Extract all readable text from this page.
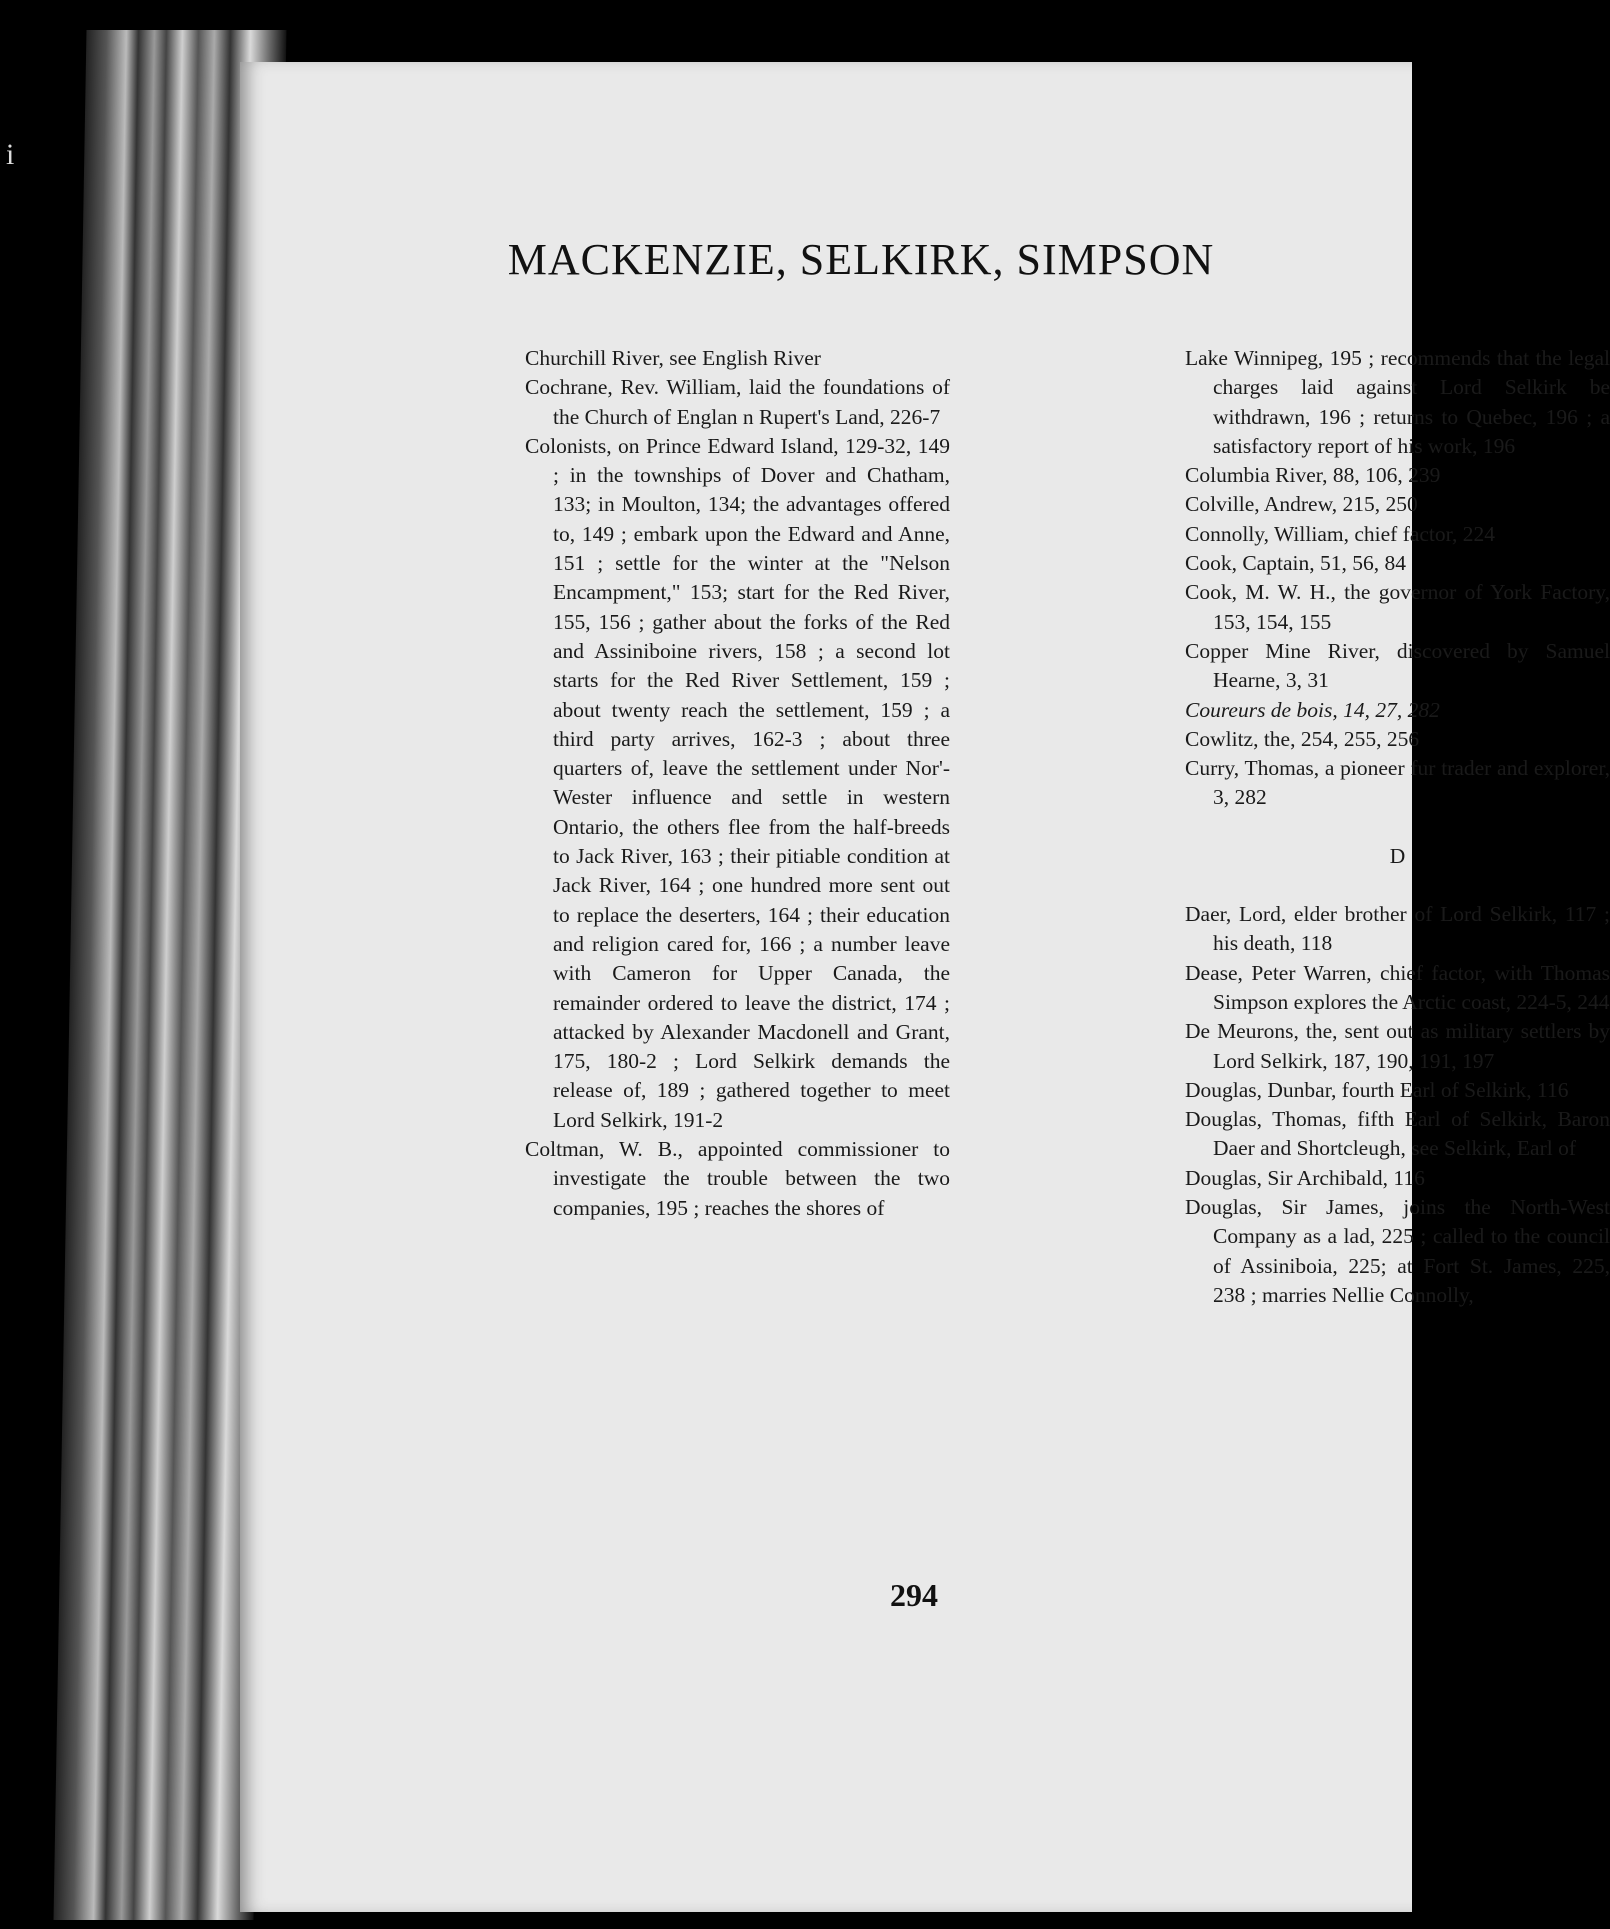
i
MACKENZIE, SELKIRK, SIMPSON

Churchill River, see English River

Cochrane, Rev. William, laid the foundations of the Church of Englan n Rupert's Land, 226-7

Colonists, on Prince Edward Island, 129-32, 149 ; in the townships of Dover and Chatham, 133; in Moulton, 134; the advantages offered to, 149 ; embark upon the Edward and Anne, 151 ; settle for the winter at the "Nelson Encampment," 153; start for the Red River, 155, 156 ; gather about the forks of the Red and Assiniboine rivers, 158 ; a second lot starts for the Red River Settlement, 159 ; about twenty reach the settlement, 159 ; a third party arrives, 162-3 ; about three quarters of, leave the settlement under Nor'-Wester influence and settle in western Ontario, the others flee from the half-breeds to Jack River, 163 ; their pitiable condition at Jack River, 164 ; one hundred more sent out to replace the deserters, 164 ; their education and religion cared for, 166 ; a number leave with Cameron for Upper Canada, the remainder ordered to leave the district, 174 ; attacked by Alexander Macdonell and Grant, 175, 180-2 ; Lord Selkirk demands the release of, 189 ; gathered together to meet Lord Selkirk, 191-2

Coltman, W. B., appointed commissioner to investigate the trouble between the two companies, 195 ; reaches the shores of

Lake Winnipeg, 195 ; recommends that the legal charges laid against Lord Selkirk be withdrawn, 196 ; returns to Quebec, 196 ; a satisfactory report of his work, 196

Columbia River, 88, 106, 239

Colville, Andrew, 215, 250

Connolly, William, chief factor, 224

Cook, Captain, 51, 56, 84

Cook, M. W. H., the governor of York Factory, 153, 154, 155

Copper Mine River, discovered by Samuel Hearne, 3, 31

Coureurs de bois, 14, 27, 282

Cowlitz, the, 254, 255, 256

Curry, Thomas, a pioneer fur trader and explorer, 3, 282

D

Daer, Lord, elder brother of Lord Selkirk, 117 ; his death, 118

Dease, Peter Warren, chief factor, with Thomas Simpson explores the Arctic coast, 224-5, 244

De Meurons, the, sent out as military settlers by Lord Selkirk, 187, 190, 191, 197

Douglas, Dunbar, fourth Earl of Selkirk, 116

Douglas, Thomas, fifth Earl of Selkirk, Baron Daer and Shortcleugh, see Selkirk, Earl of

Douglas, Sir Archibald, 116

Douglas, Sir James, joins the North-West Company as a lad, 225 ; called to the council of Assiniboia, 225; at Fort St. James, 225, 238 ; marries Nellie Connolly,

294
